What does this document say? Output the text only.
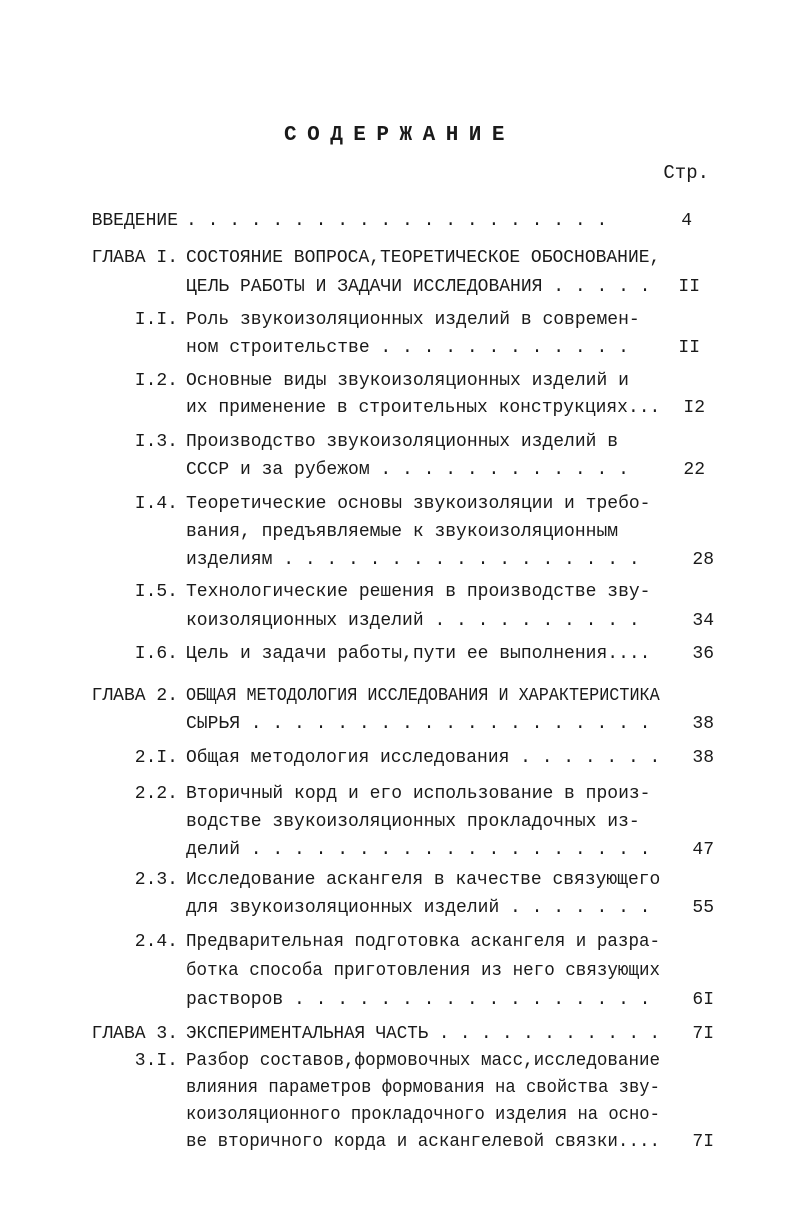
СОДЕРЖАНИЕ
Стр.
ВВЕДЕНИЕ . . . . . . . . . . . . . . . . . . . .	4
ГЛАВА I. СОСТОЯНИЕ ВОПРОСА,ТЕОРЕТИЧЕСКОЕ ОБОСНОВАНИЕ,
ЦЕЛЬ РАБОТЫ И ЗАДАЧИ ИССЛЕДОВАНИЯ . . . . .	II
I.I. Роль звукоизоляционных изделий в современ-
ном строительстве . . . . . . . . . . . .	II
I.2. Основные виды звукоизоляционных изделий и
их применение в строительных конструкциях...	I2
I.3. Производство звукоизоляционных изделий в
СССР и за рубежом . . . . . . . . . . . .	22
I.4. Теоретические основы звукоизоляции и требо-
вания, предъявляемые к звукоизоляционным
изделиям . . . . . . . . . . . . . . . . .	28
I.5. Технологические решения в производстве зву-
коизоляционных изделий . . . . . . . . . .	34
I.6. Цель и задачи работы,пути ее выполнения....	36
ГЛАВА 2. ОБЩАЯ МЕТОДОЛОГИЯ ИССЛЕДОВАНИЯ И ХАРАКТЕРИСТИКА
СЫРЬЯ . . . . . . . . . . . . . . . . . . .	38
2.I. Общая методология исследования . . . . . . .	38
2.2. Вторичный корд и его использование в произ-
водстве звукоизоляционных прокладочных из-
делий . . . . . . . . . . . . . . . . . . .	47
2.3. Исследование аскангеля в качестве связующего
для звукоизоляционных изделий . . . . . . .	55
2.4. Предварительная подготовка аскангеля и разра-
ботка способа приготовления из него связующих
растворов . . . . . . . . . . . . . . . . .	6I
ГЛАВА 3. ЭКСПЕРИМЕНТАЛЬНАЯ ЧАСТЬ . . . . . . . . . . .	7I
3.I. Разбор составов,формовочных масс,исследование
влияния параметров формования на свойства зву-
коизоляционного прокладочного изделия на осно-
ве вторичного корда и аскангелевой связки....	7I
